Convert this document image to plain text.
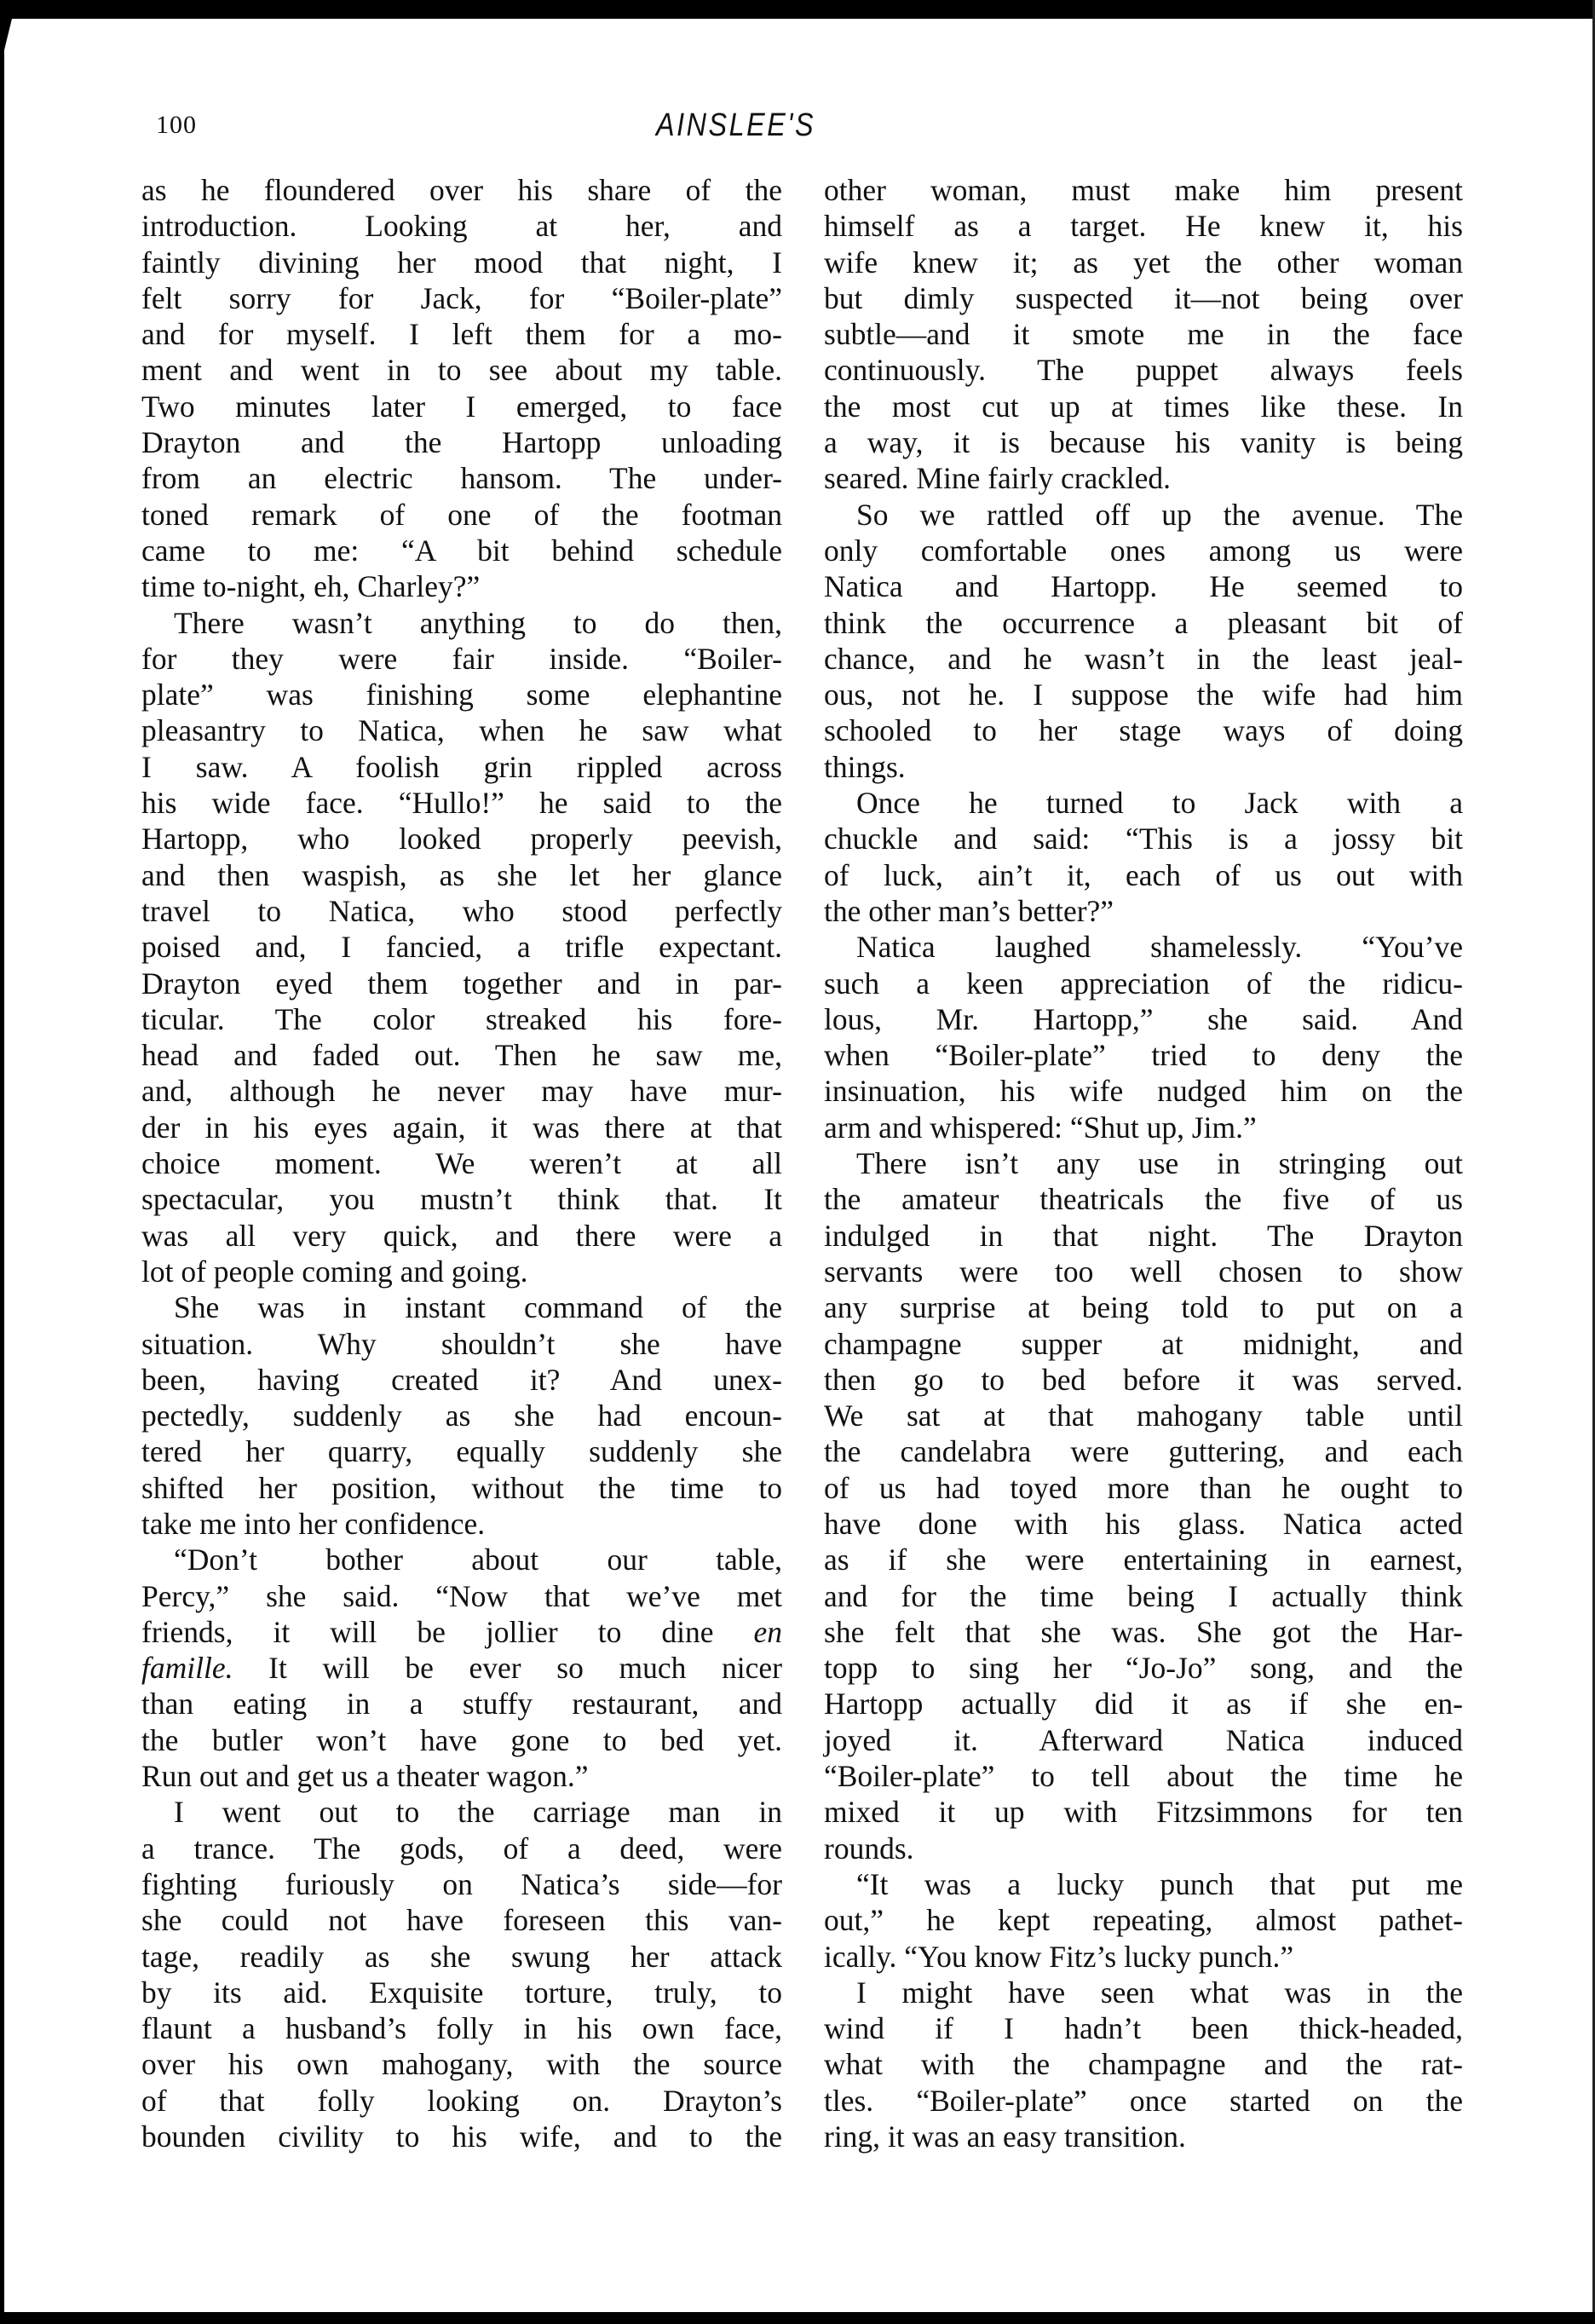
100	AINSLEE'S
as he floundered over his share of the
introduction. Looking at her, and
faintly divining her mood that night, I
felt sorry for Jack, for “Boiler-plate”
and for myself. I left them for a mo-
ment and went in to see about my table.
Two minutes later I emerged, to face
Drayton and the Hartopp unloading
from an electric hansom. The under-
toned remark of one of the footman
came to me: “A bit behind schedule
time to-night, eh, Charley?”
There wasn’t anything to do then,
for they were fair inside. “Boiler-
plate” was finishing some elephantine
pleasantry to Natica, when he saw what
I saw. A foolish grin rippled across
his wide face. “Hullo!” he said to the
Hartopp, who looked properly peevish,
and then waspish, as she let her glance
travel to Natica, who stood perfectly
poised and, I fancied, a trifle expectant.
Drayton eyed them together and in par-
ticular. The color streaked his fore-
head and faded out. Then he saw me,
and, although he never may have mur-
der in his eyes again, it was there at that
choice moment. We weren’t at all
spectacular, you mustn’t think that. It
was all very quick, and there were a
lot of people coming and going.
She was in instant command of the
situation. Why shouldn’t she have
been, having created it? And unex-
pectedly, suddenly as she had encoun-
tered her quarry, equally suddenly she
shifted her position, without the time to
take me into her confidence.
“Don’t bother about our table,
Percy,” she said. “Now that we’ve met
friends, it will be jollier to dine en
famille. It will be ever so much nicer
than eating in a stuffy restaurant, and
the butler won’t have gone to bed yet.
Run out and get us a theater wagon.”
I went out to the carriage man in
a trance. The gods, of a deed, were
fighting furiously on Natica’s side—for
she could not have foreseen this van-
tage, readily as she swung her attack
by its aid. Exquisite torture, truly, to
flaunt a husband’s folly in his own face,
over his own mahogany, with the source
of that folly looking on. Drayton’s
bounden civility to his wife, and to the
other woman, must make him present
himself as a target. He knew it, his
wife knew it; as yet the other woman
but dimly suspected it—not being over
subtle—and it smote me in the face
continuously. The puppet always feels
the most cut up at times like these. In
a way, it is because his vanity is being
seared. Mine fairly crackled.
So we rattled off up the avenue. The
only comfortable ones among us were
Natica and Hartopp. He seemed to
think the occurrence a pleasant bit of
chance, and he wasn’t in the least jeal-
ous, not he. I suppose the wife had him
schooled to her stage ways of doing
things.
Once he turned to Jack with a
chuckle and said: “This is a jossy bit
of luck, ain’t it, each of us out with
the other man’s better?”
Natica laughed shamelessly. “You’ve
such a keen appreciation of the ridicu-
lous, Mr. Hartopp,” she said. And
when “Boiler-plate” tried to deny the
insinuation, his wife nudged him on the
arm and whispered: “Shut up, Jim.”
There isn’t any use in stringing out
the amateur theatricals the five of us
indulged in that night. The Drayton
servants were too well chosen to show
any surprise at being told to put on a
champagne supper at midnight, and
then go to bed before it was served.
We sat at that mahogany table until
the candelabra were guttering, and each
of us had toyed more than he ought to
have done with his glass. Natica acted
as if she were entertaining in earnest,
and for the time being I actually think
she felt that she was. She got the Har-
topp to sing her “Jo-Jo” song, and the
Hartopp actually did it as if she en-
joyed it. Afterward Natica induced
“Boiler-plate” to tell about the time he
mixed it up with Fitzsimmons for ten
rounds.
“It was a lucky punch that put me
out,” he kept repeating, almost pathet-
ically. “You know Fitz’s lucky punch.”
I might have seen what was in the
wind if I hadn’t been thick-headed,
what with the champagne and the rat-
tles. “Boiler-plate” once started on the
ring, it was an easy transition.
